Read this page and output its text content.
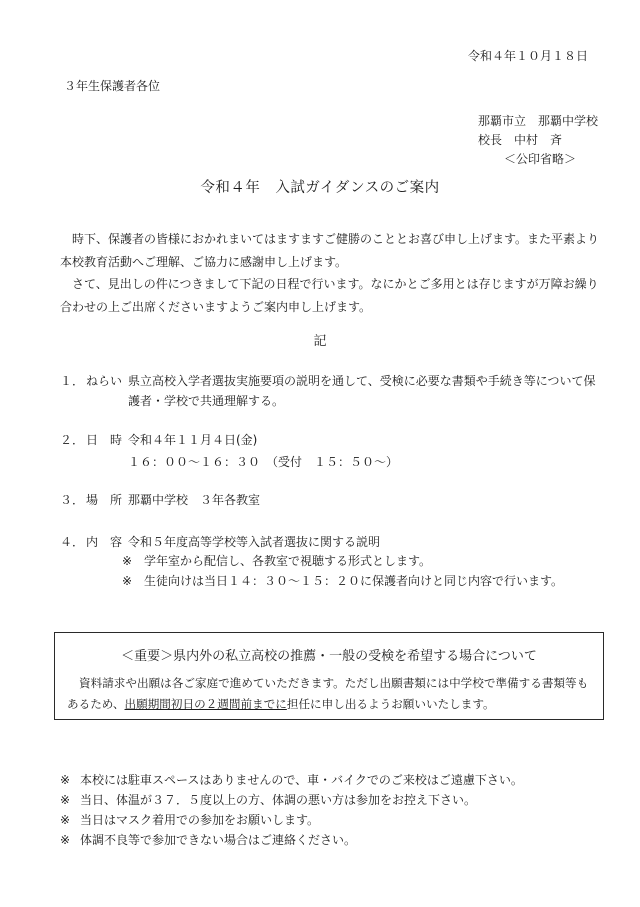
令和４年１０月１８日
３年生保護者各位
那覇市立　那覇中学校
校長　中村　斉
＜公印省略＞
令和４年　入試ガイダンスのご案内
時下、保護者の皆様におかれまいてはますますご健勝のこととお喜び申し上げます。また平素より本校教育活動へご理解、ご協力に感謝申し上げます。
さて、見出しの件につきまして下記の日程で行います。なにかとご多用とは存じますが万障お繰り合わせの上ご出席くださいますようご案内申し上げます。
記
１． ねらい 県立高校入学者選抜実施要項の説明を通して、受検に必要な書類や手続き等について保護者・学校で共通理解する。
２． 日　時 令和４年１１月４日(金)
１６：００～１６：３０　（受付　１５：５０～）
３． 場　所 那覇中学校　３年各教室
４． 内　容 令和５年度高等学校等入試者選抜に関する説明
※ 学年室から配信し、各教室で視聴する形式とします。
※ 生徒向けは当日１４：３０～１５：２０に保護者向けと同じ内容で行います。
＜重要＞県内外の私立高校の推薦・一般の受検を希望する場合について
資料請求や出願は各ご家庭で進めていただきます。ただし出願書類には中学校で準備する書類等もあるため、出願期間初日の２週間前までに担任に申し出るようお願いいたします。
※ 本校には駐車スペースはありませんので、車・バイクでのご来校はご遠慮下さい。
※ 当日、体温が３７．５度以上の方、体調の悪い方は参加をお控え下さい。
※ 当日はマスク着用での参加をお願いします。
※ 体調不良等で参加できない場合はご連絡ください。
